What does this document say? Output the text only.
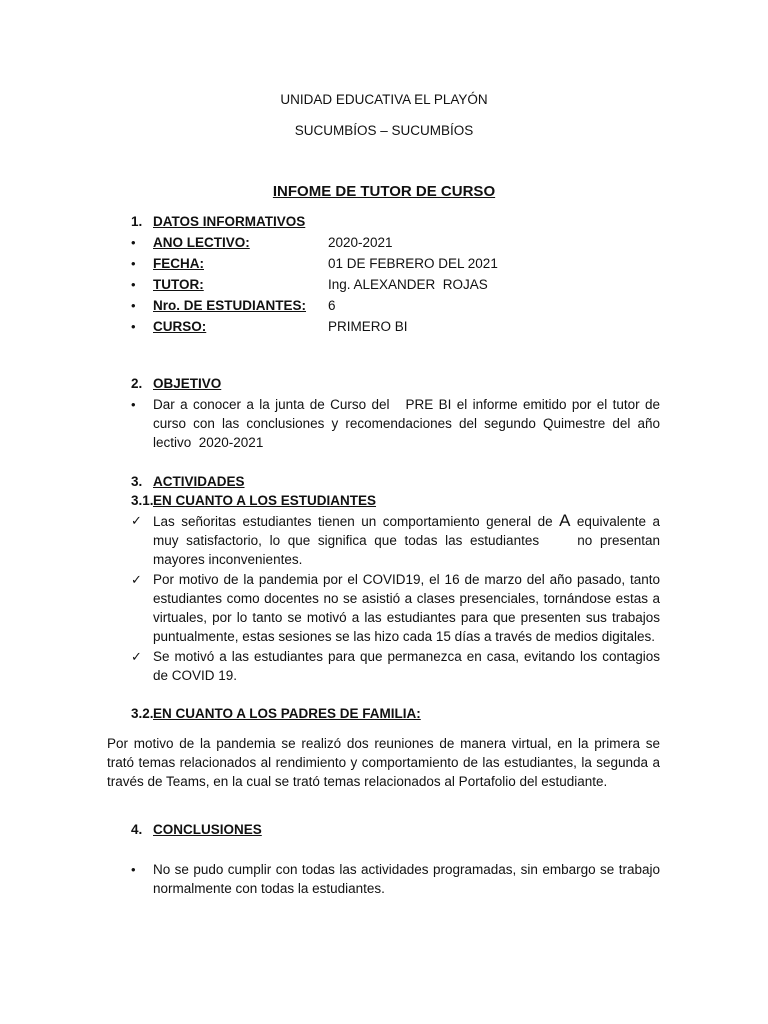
UNIDAD EDUCATIVA EL PLAYÓN
SUCUMBÍOS – SUCUMBÍOS
INFOME DE TUTOR DE CURSO
1. DATOS INFORMATIVOS
• ANO LECTIVO:	2020-2021
• FECHA:	01 DE FEBRERO DEL 2021
• TUTOR:	Ing. ALEXANDER  ROJAS
• Nro. DE ESTUDIANTES: 6
• CURSO:	PRIMERO BI
2. OBJETIVO
• Dar a conocer a la junta de Curso del   PRE BI el informe emitido por el tutor de curso con las conclusiones y recomendaciones del segundo Quimestre del año lectivo  2020-2021
3. ACTIVIDADES
3.1. EN CUANTO A LOS ESTUDIANTES
✓ Las señoritas estudiantes tienen un comportamiento general de A equivalente a  muy satisfactorio, lo que significa que todas las estudiantes     no presentan mayores inconvenientes.
✓ Por motivo de la pandemia por el COVID19, el 16 de marzo del año pasado, tanto estudiantes como docentes no se asistió a clases presenciales, tornándose estas a virtuales, por lo tanto se motivó a las estudiantes para que presenten sus trabajos puntualmente, estas sesiones se las hizo cada 15 días a través de medios digitales.
✓ Se motivó a las estudiantes para que permanezca en casa, evitando los contagios de COVID 19.
3.2. EN CUANTO A LOS PADRES DE FAMILIA:
Por motivo de la pandemia se realizó dos reuniones de manera virtual, en la primera se trató temas relacionados al rendimiento y comportamiento de las estudiantes, la segunda a través de Teams, en la cual se trató temas relacionados al Portafolio del estudiante.
4. CONCLUSIONES
• No se pudo cumplir con todas las actividades programadas, sin embargo se trabajo normalmente con todas la estudiantes.
